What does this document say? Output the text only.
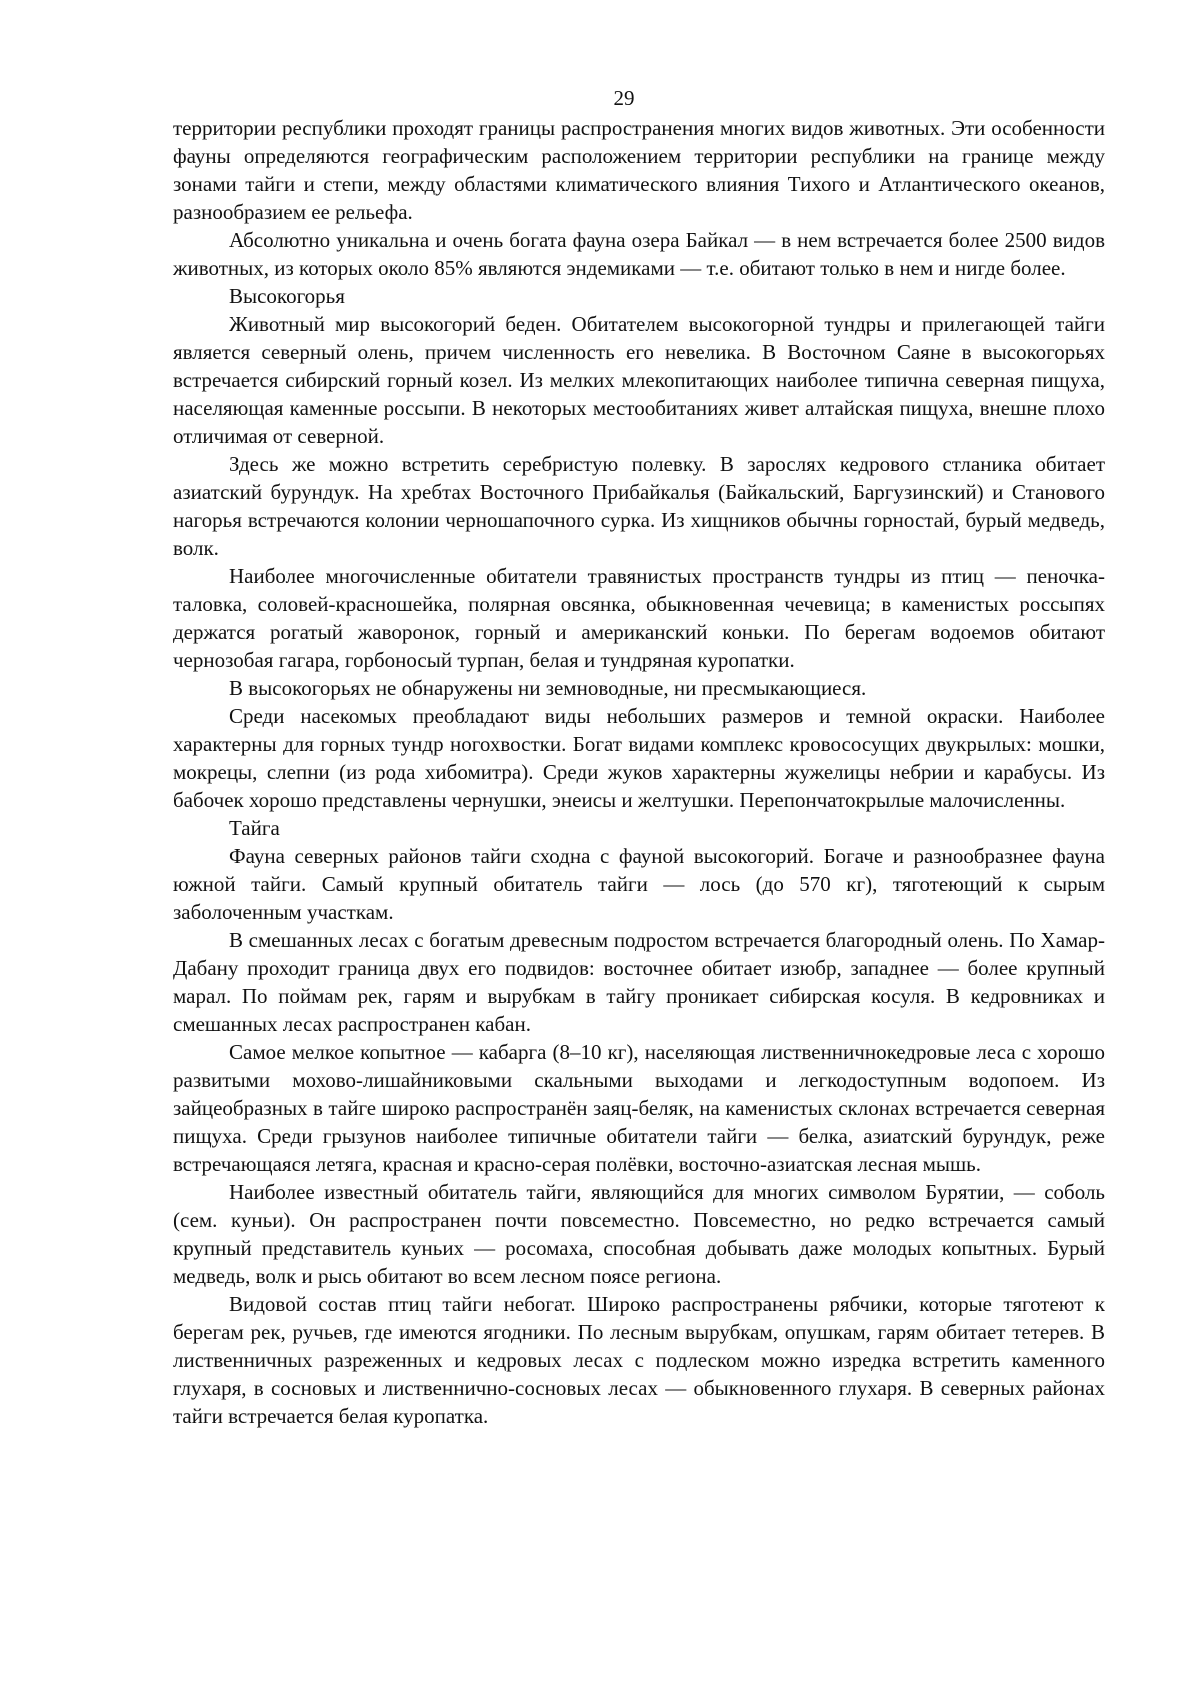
29

территории республики проходят границы распространения многих видов животных. Эти особенности фауны определяются географическим расположением территории республики на границе между зонами тайги и степи, между областями климатического влияния Тихого и Атлантического океанов, разнообразием ее рельефа.

Абсолютно уникальна и очень богата фауна озера Байкал — в нем встречается более 2500 видов животных, из которых около 85% являются эндемиками — т.е. обитают только в нем и нигде более.

Высокогорья

Животный мир высокогорий беден. Обитателем высокогорной тундры и прилегающей тайги является северный олень, причем численность его невелика. В Восточном Саяне в высокогорьях встречается сибирский горный козел. Из мелких млекопитающих наиболее типична северная пищуха, населяющая каменные россыпи. В некоторых местообитаниях живет алтайская пищуха, внешне плохо отличимая от северной.

Здесь же можно встретить серебристую полевку. В зарослях кедрового стланика обитает азиатский бурундук. На хребтах Восточного Прибайкалья (Байкальский, Баргузинский) и Станового нагорья встречаются колонии черношапочного сурка. Из хищников обычны горностай, бурый медведь, волк.

Наиболее многочисленные обитатели травянистых пространств тундры из птиц — пеночка-таловка, соловей-красношейка, полярная овсянка, обыкновенная чечевица; в каменистых россыпях держатся рогатый жаворонок, горный и американский коньки. По берегам водоемов обитают чернозобая гагара, горбоносый турпан, белая и тундряная куропатки.

В высокогорьях не обнаружены ни земноводные, ни пресмыкающиеся.

Среди насекомых преобладают виды небольших размеров и темной окраски. Наиболее характерны для горных тундр ногохвостки. Богат видами комплекс кровососущих двукрылых: мошки, мокрецы, слепни (из рода хибомитра). Среди жуков характерны жужелицы небрии и карабусы. Из бабочек хорошо представлены чернушки, энеисы и желтушки. Перепончатокрылые малочисленны.

Тайга

Фауна северных районов тайги сходна с фауной высокогорий. Богаче и разнообразнее фауна южной тайги. Самый крупный обитатель тайги — лось (до 570 кг), тяготеющий к сырым заболоченным участкам.

В смешанных лесах с богатым древесным подростом встречается благородный олень. По Хамар-Дабану проходит граница двух его подвидов: восточнее обитает изюбр, западнее — более крупный марал. По поймам рек, гарям и вырубкам в тайгу проникает сибирская косуля. В кедровниках и смешанных лесах распространен кабан.

Самое мелкое копытное — кабарга (8–10 кг), населяющая лиственничнокедровые леса с хорошо развитыми мохово-лишайниковыми скальными выходами и легкодоступным водопоем. Из зайцеобразных в тайге широко распространён заяц-беляк, на каменистых склонах встречается северная пищуха. Среди грызунов наиболее типичные обитатели тайги — белка, азиатский бурундук, реже встречающаяся летяга, красная и красно-серая полёвки, восточно-азиатская лесная мышь.

Наиболее известный обитатель тайги, являющийся для многих символом Бурятии, — соболь (сем. куньи). Он распространен почти повсеместно. Повсеместно, но редко встречается самый крупный представитель куньих — росомаха, способная добывать даже молодых копытных. Бурый медведь, волк и рысь обитают во всем лесном поясе региона.

Видовой состав птиц тайги небогат. Широко распространены рябчики, которые тяготеют к берегам рек, ручьев, где имеются ягодники. По лесным вырубкам, опушкам, гарям обитает тетерев. В лиственничных разреженных и кедровых лесах с подлеском можно изредка встретить каменного глухаря, в сосновых и лиственнично-сосновых лесах — обыкновенного глухаря. В северных районах тайги встречается белая куропатка.
